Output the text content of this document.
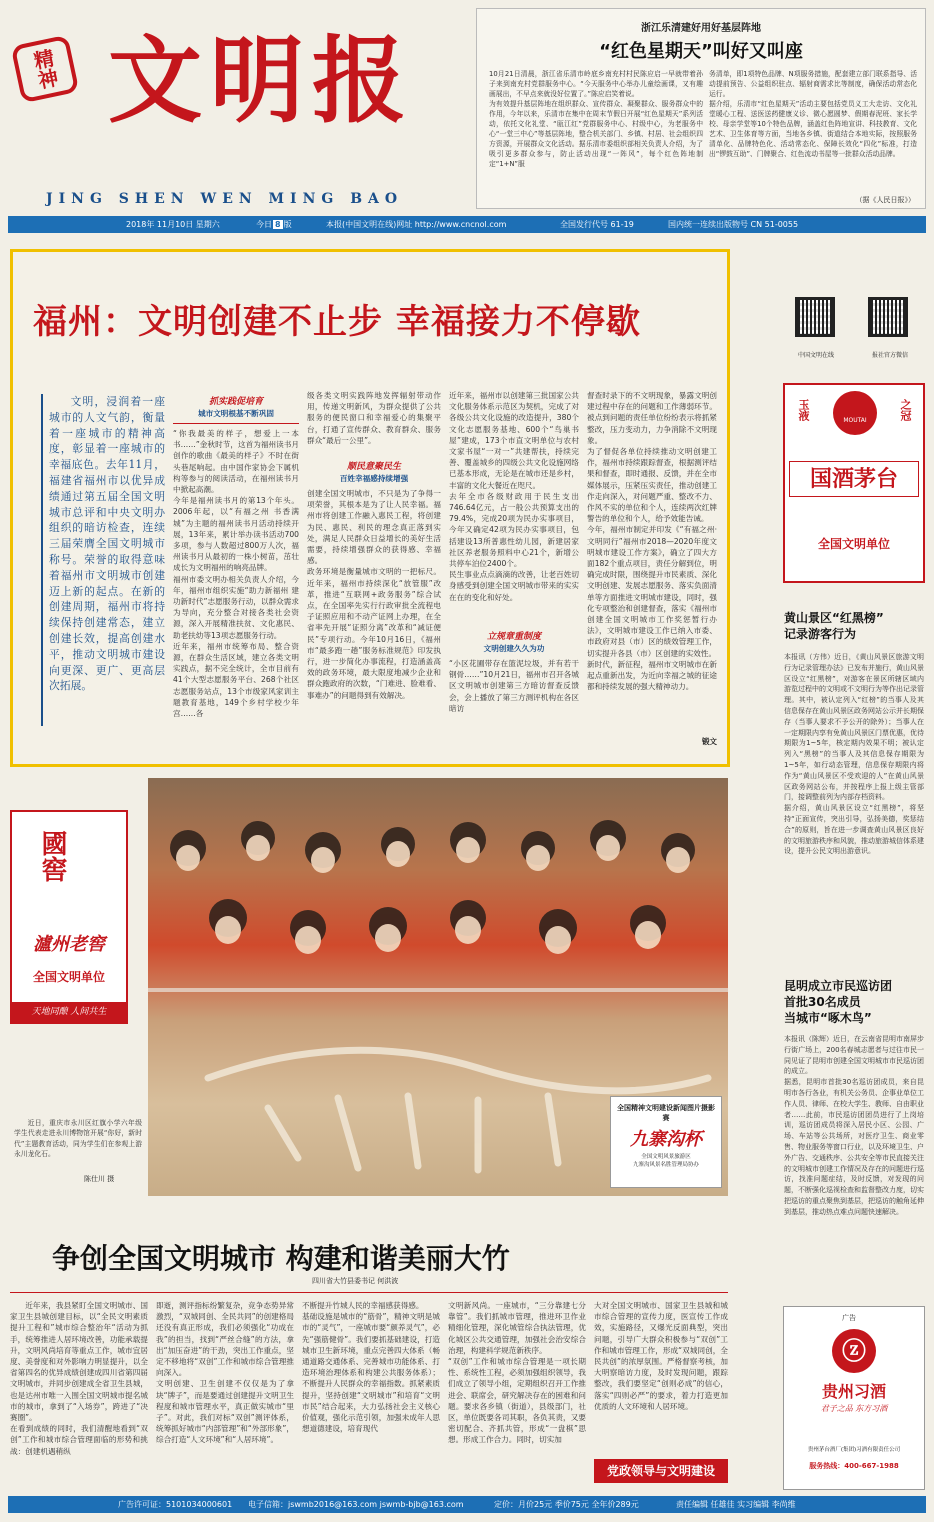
精神 文明报
JING SHEN WEN MING BAO
2018年 11月10日 星期六	今日 8 版	本报(中国文明在线)网址 http://www.cncnol.com	全国发行代号 61-19	国内统一连续出版物号 CN 51-0055
浙江乐清建好用好基层阵地
“红色星期天”叫好又叫座
10月21日清晨，浙江省乐清市岭底乡南充村村民陈应启一早就带着孙子来到南充村党群服务中心。“今天服务中心举办儿童绘画课，又有趣画展出，不早点来就没好位置了。”陈应启笑着说。
为有效提升基层阵地在组织群众、宣传群众、凝聚群众、服务群众中的作用，今年以来，乐清市在集中在周末节假日开展“红色星期天”系列活动，依托文化礼堂、“瓯江红”党群服务中心、村级中心，为老服务中心“一堂三中心”等基层阵地，整合机关部门、乡镇、村居、社会组织四方资源，开展群众文化活动。据乐清市委组织部相关负责人介绍，为了吸引更多群众参与，防止活动出现“一阵风”，每个红色阵地制定“1+N”服
务清单，即1项特色品牌、N项服务措施，配套建立部门联系指导、活动提前预告、公益组织驻点、辐射商需求比等制度，确保活动常态化运行。
据介绍，乐清市“红色星期天”活动主要包括党员义工大走访、文化礼堂暖心工程、送医送药健康义诊、微心愿圆梦、假期春泥班、家长学校、母亲学堂等10个特色品牌，涵盖红色阵地宣讲、科技教育、文化艺术、卫生体育等方面，当地各乡镇、街道结合本地实际，按照服务清单化、品牌特色化、活动常态化、保障长效化“四化”标准，打造出“锣鼓互助”、门牌聚合、红色流动书屋等一批群众活动品牌。
（据《人民日报》）
福州：文明创建不止步 幸福接力不停歇
文明，浸润着一座城市的人文气韵，衡量着一座城市的精神高度，彰显着一座城市的幸福底色。去年11月，福建省福州市以优异成绩通过第五届全国文明城市总评和中央文明办组织的暗访检查，连续三届荣膺全国文明城市称号。荣誉的取得意味着福州市文明城市创建迈上新的起点。在新的创建周期，福州市将持续保持创建常态，建立创建长效，提高创建水平，推动文明城市建设向更深、更广、更高层次拓展。
抓实践促培育
城市文明根基不断巩固
“你我最美的样子，想爱上一本书……”金秋时节，这首为福州读书月创作的歌曲《最美的样子》不时在街头巷尾响起。由中国作家协会下属机构等参与的阅读活动，在福州读书月中掀起高潮。
今年是福州读书月的第13个年头。2006年起，以“有福之州 书香满城”为主题的福州读书月活动持续开展，13年来，累计举办读书活动700多项，参与人数超过800万人次，福州读书月从最初的一株小树苗，茁壮成长为文明福州的响亮品牌。
福州市委文明办相关负责人介绍，今年，福州市组织实施“助力新福州 建功新时代”志愿服务行动，以群众需求为导向，充分整合对接各类社会资源，深入开展精准扶贫、文化惠民、助老扶幼等13项志愿服务行动。
近年来，福州市统筹布局、整合资源，在群众生活区域，建立各类文明实践点，据不完全统计，全市目前有41个大型志愿服务平台、268个社区志愿服务站点，13个市级家风家训主题教育基地，149个乡村学校少年宫……各
级各类文明实践阵地发挥辐射带动作用，传递文明新风，为群众提供了公共服务的便民窗口和幸福爱心的集聚平台，打通了宣传群众、教育群众、服务群众“最后一公里”。
顺民意聚民生
百姓幸福感持续增强
创建全国文明城市，不只是为了争得一项荣誉，其根本是为了让人民幸福。福州市将创建工作融入惠民工程，将创建为民、惠民、利民的理念真正落到实处，满足人民群众日益增长的美好生活需要，持续增强群众的获得感、幸福感。
政务环境是衡量城市文明的一把标尺。近年来，福州市持续深化“放管服”改革，推进“互联网+政务服务”综合试点，在全国率先实行行政审批全流程电子证照应用和不动产证网上办理，在全省率先开展“证照分离”改革和“减证便民”专项行动。今年10月16日，《福州市“最多跑一趟”服务标准规范》印发执行，进一步简化办事流程，打造涵盖高效的政务环境，最大限度地减少企业和群众跑政府的次数，“门难进、脸难看、事难办”的问题得到有效解决。
近年来，福州市以创建第三批国家公共文化服务体系示范区为契机，完成了对各级公共文化设施的改造提升，380个文化志愿服务基地、600个“鸟巢书屋”建成，173个市直文明单位与农村文家书屋“一对一”共建帮扶，持续完善、覆盖城乡的四级公共文化设施网络已基本形成，无论是在城市还是乡村，丰富的文化大餐近在咫尺。
去年全市各级财政用于民生支出746.64亿元，占一般公共预算支出的79.4%，完成20项为民办实事项目，今年又确定42项为民办实事项目，包括建设13所普惠性幼儿园，新建居家社区养老服务照料中心21个，新增公共停车泊位2400个。
民生事业点点滴滴的改善，让老百姓切身感受到创建全国文明城市带来的实实在在的变化和好处。
立规章重制度
文明创建久久为功
“小区花圃带存在篮泥垃圾，并有若干钢骨……”10月21日，福州市召开各城区文明城市创建第三方暗访督查反馈会，会上播放了第三方测评机构在各区暗访
督查时录下的不文明现象，暴露文明创建过程中存在的问题和工作薄弱环节。被点到问题的责任单位纷纷表示将抓紧整改，压力变动力，力争消除不文明现象。
为了督促各单位持续推动文明创建工作，福州市持续跟踪督查，根据测评结果和督查，即时通报、反馈，并在全市媒体展示，压紧压实责任，推动创建工作走向深入，对问题严重、整改不力、作风不实的单位和个人，连续两次红牌警告的单位和个人，给予效能告诫。
今年，福州市制定并印发《“有福之州·文明同行”福州市2018—2020年度文明城市建设工作方案》，确立了四大方面182个重点项目，责任分解到位，明确完成时限，围绕提升市民素质、深化文明创建、发展志愿服务、落实负面清单等方面推进文明城市建设，同时，强化专项整治和创建督查，落实《福州市创建全国文明城市工作奖惩暂行办法》，文明城市建设工作已纳入市委、市政府对县（市）区的绩效管理工作，切实提升各县（市）区创建的实效性。
新时代，新征程，福州市文明城市在新起点重新出发，为近向幸福之城的征途都和持续发展的强大精神动力。
锻文
中国文明在线	报社官方微信
玉液	MOUTAI	之冠
国酒茅台
全国文明单位
黄山景区“红黑榜”
记录游客行为
本报讯（方伟）近日，《黄山风景区旅游文明行为记录管理办法》已发布并施行，黄山风景区设立“红黑榜”，对游客在景区所辖区域内游览过程中的文明或不文明行为等作出记录管理。其中，被认定列入“红榜”的当事人及其信息保存在黄山风景区政务网站公示并长期保存（当事人要求不予公开的除外）；当事人在一定期限内享有免黄山风景区门票优惠，优待期限为1~5年，核定期内效果不明；被认定列入“黑榜”的当事人及其信息保存期限为1~5年，如行动态管理，信息保存期限内将作为“黄山风景区不受欢迎的人”在黄山风景区政务网站公布，并按程序上报上级主管部门，接调整前列为内部存档资料。
据介绍，黄山风景区设立“红黑榜”，将坚持“正面宣传，突出引导，弘扬美德，奖惩结合”的原则，旨在进一步调查黄山风景区良好的文明旅游秩序和风貌，推动旅游城信体系建设，提升公民文明出游意识。
昆明成立市民巡访团
首批30名成员
当城市“啄木鸟”
本报讯（陈辉）近日，在云南省昆明市南屏步行街广场上，200名春城志愿者与过往市民一同见证了昆明市创建全国文明城市市民巡访团的成立。
据悉，昆明市首批30名巡访团成员，来自昆明市各行各业，有机关公务员、企事业单位工作人员、律师、在校大学生、教师、自由职业者……此前，市民巡访团团员进行了上岗培训，巡访团成员将深入居民小区、公园、广场、车站等公共场所，对医疗卫生、商业零售、物业服务等窗口行业，以及环境卫生、户外广告、交通秩序、公共安全等市民直接关注的文明城市创建工作情况及存在的问题进行巡访，找准问题症结，及时反馈，对发现的问题，不断强化巡视检查和监督整改力度，切实把巡访的重点聚焦到基层，把巡访的触角延伸到基层，推动热点难点问题快速解决。
國窖
瀘州老窖
全国文明单位
天地同酿 人间共生
全国精神文明建设新闻图片摄影赛
九寨沟杯
全国文明风景旅游区
九寨沟风景名胜管理局协办
近日，重庆市永川区红旗小学六年级学生代表走进永川博物馆开展“你好，新时代”主题教育活动，同为学生们在参观上游永川龙化石。
陈仕川 摄
争创全国文明城市 构建和谐美丽大竹
四川省大竹县委书记 何洪波
近年来，我县紧盯全国文明城市、国家卫生县城创建目标，以“全民文明素质提升工程和”城市综合整治年“活动为抓手，统筹推进人居环境改善，功能承载提升，文明风尚培育等重点工作，城市宜居度、美誉度和对外影响力明显提升，以全省第四名的优异成绩创建成四川省第四届文明城市，并同步创建成全省卫生县城，也是达州市唯一入围全国文明城市提名城市的城市，拿到了“入场券”，跨进了“决赛圈”。
在看到成绩的同时，我们清醒地看到“双创”工作和城市综合管理面临的形势和挑战：创建机遇稍纵
即逝，测评指标纷繁复杂，竞争态势异常激烈，“双城同创、全民共同”的创建格局还没有真正形成，我们必须强化“功成在我”的担当，找到“严丝合缝”的方法，拿出“加压奋进”的干劲，突出工作重点，坚定不移地将“双创”工作和城市综合管理推向深入。
文明创建、卫生创建不仅仅是为了拿块“牌子”，而是要通过创建提升文明卫生程度和城市管理水平，真正做实城市“里子”。对此，我们对标“双创”测评体系，统筹抓好城市“内部管理”和“外部形象”，综合打造“人文环境”和“人居环境”。
不断提升竹城人民的幸福感获得感。
基础设施是城市的“筋骨”，精神文明是城市的“灵气”，一座城市要“颜养灵气”，必先“强筋健骨”。我们要抓基础建设，打造城市卫生新环境，重点完善四大体系（畅通道路交通体系、完善城市功能体系、打造环境治理体系和构建公共服务体系）；不断提升人民群众的幸福指数。抓紧素质提升，坚持创建“文明城市”和培育“文明市民”结合起来，大力弘扬社会主义核心价值观，强化示范引领，加强未成年人思想道德建设，培育现代
文明新风尚。一座城市，“三分靠建七分靠管”。我们抓城市管理，推进环卫作业精细化管理，深化城管综合执法管理，优化城区公共交通管理，加强社会治安综合治理，构建科学规范新秩序。
“双创”工作和城市综合管理是一项长期性、系统性工程，必须加强组织领导，我们成立了领导小组，定期组织召开工作推进会、联席会，研究解决存在的困难和问题。要求各乡镇（街道），县级部门，社区，单位既要各司其职，各负其责，又要密切配合、齐抓共管，形成“一盘棋”思想。形成工作合力。同时，切实加
大对全国文明城市、国家卫生县城和城市综合管理的宣传力度，医宣传工作成效，实施路径，又爆光反面典型，突出问题，引导广大群众积极参与“双创”工作和城市管理工作，形成“双城同创，全民共创”的浓厚氛围。严格督察考核，加大明察暗访力度，及时发现问题，跟踪整改，我们要坚定“创则必成”的信心，落实“四则必严”的要求，着力打造更加优质的人文环境和人居环境。
党政领导与文明建设
广告
ⓩ
贵州习酒
君子之品 东方习酒
贵州茅台酒厂(集团)习酒有限责任公司
服务热线：400-667-1988
广告许可证：5101034000601 电子信箱：jswmb2016@163.com jswmb-bjb@163.com	定价：月价25元 季价75元 全年价289元	责任编辑 任雄佳 实习编辑 李尚维
